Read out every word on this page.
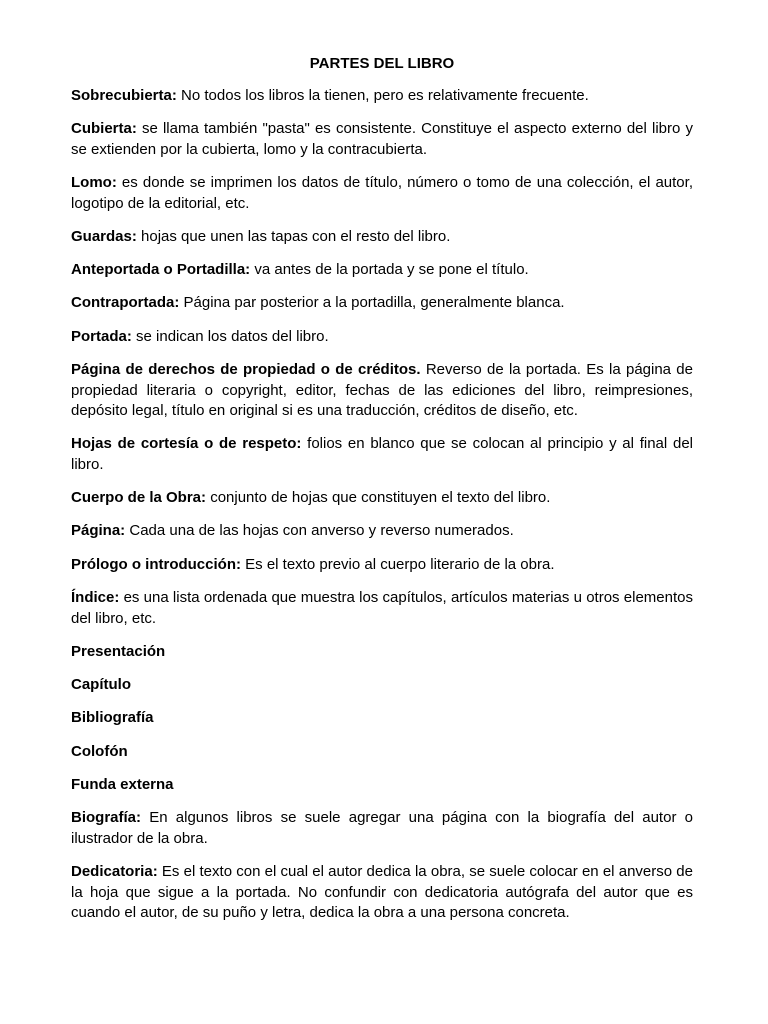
PARTES DEL LIBRO

Sobrecubierta: No todos los libros la tienen, pero es relativamente frecuente.

Cubierta: se llama también "pasta" es consistente. Constituye el aspecto externo del libro y se extienden por la cubierta, lomo y la contracubierta.

Lomo: es donde se imprimen los datos de título, número o tomo de una colección, el autor, logotipo de la editorial, etc.

Guardas: hojas que unen las tapas con el resto del libro.

Anteportada o Portadilla: va antes de la portada y se pone el título.

Contraportada: Página par posterior a la portadilla, generalmente blanca.

Portada: se indican los datos del libro.

Página de derechos de propiedad o de créditos. Reverso de la portada. Es la página de propiedad literaria o copyright, editor, fechas de las ediciones del libro, reimpresiones, depósito legal, título en original si es una traducción, créditos de diseño, etc.

Hojas de cortesía o de respeto: folios en blanco que se colocan al principio y al final del libro.

Cuerpo de la Obra: conjunto de hojas que constituyen el texto del libro.

Página: Cada una de las hojas con anverso y reverso numerados.

Prólogo o introducción: Es el texto previo al cuerpo literario de la obra.

Índice: es una lista ordenada que muestra los capítulos, artículos materias u otros elementos del libro, etc.

Presentación

Capítulo

Bibliografía

Colofón

Funda externa

Biografía: En algunos libros se suele agregar una página con la biografía del autor o ilustrador de la obra.

Dedicatoria: Es el texto con el cual el autor dedica la obra, se suele colocar en el anverso de la hoja que sigue a la portada. No confundir con dedicatoria autógrafa del autor que es cuando el autor, de su puño y letra, dedica la obra a una persona concreta.
